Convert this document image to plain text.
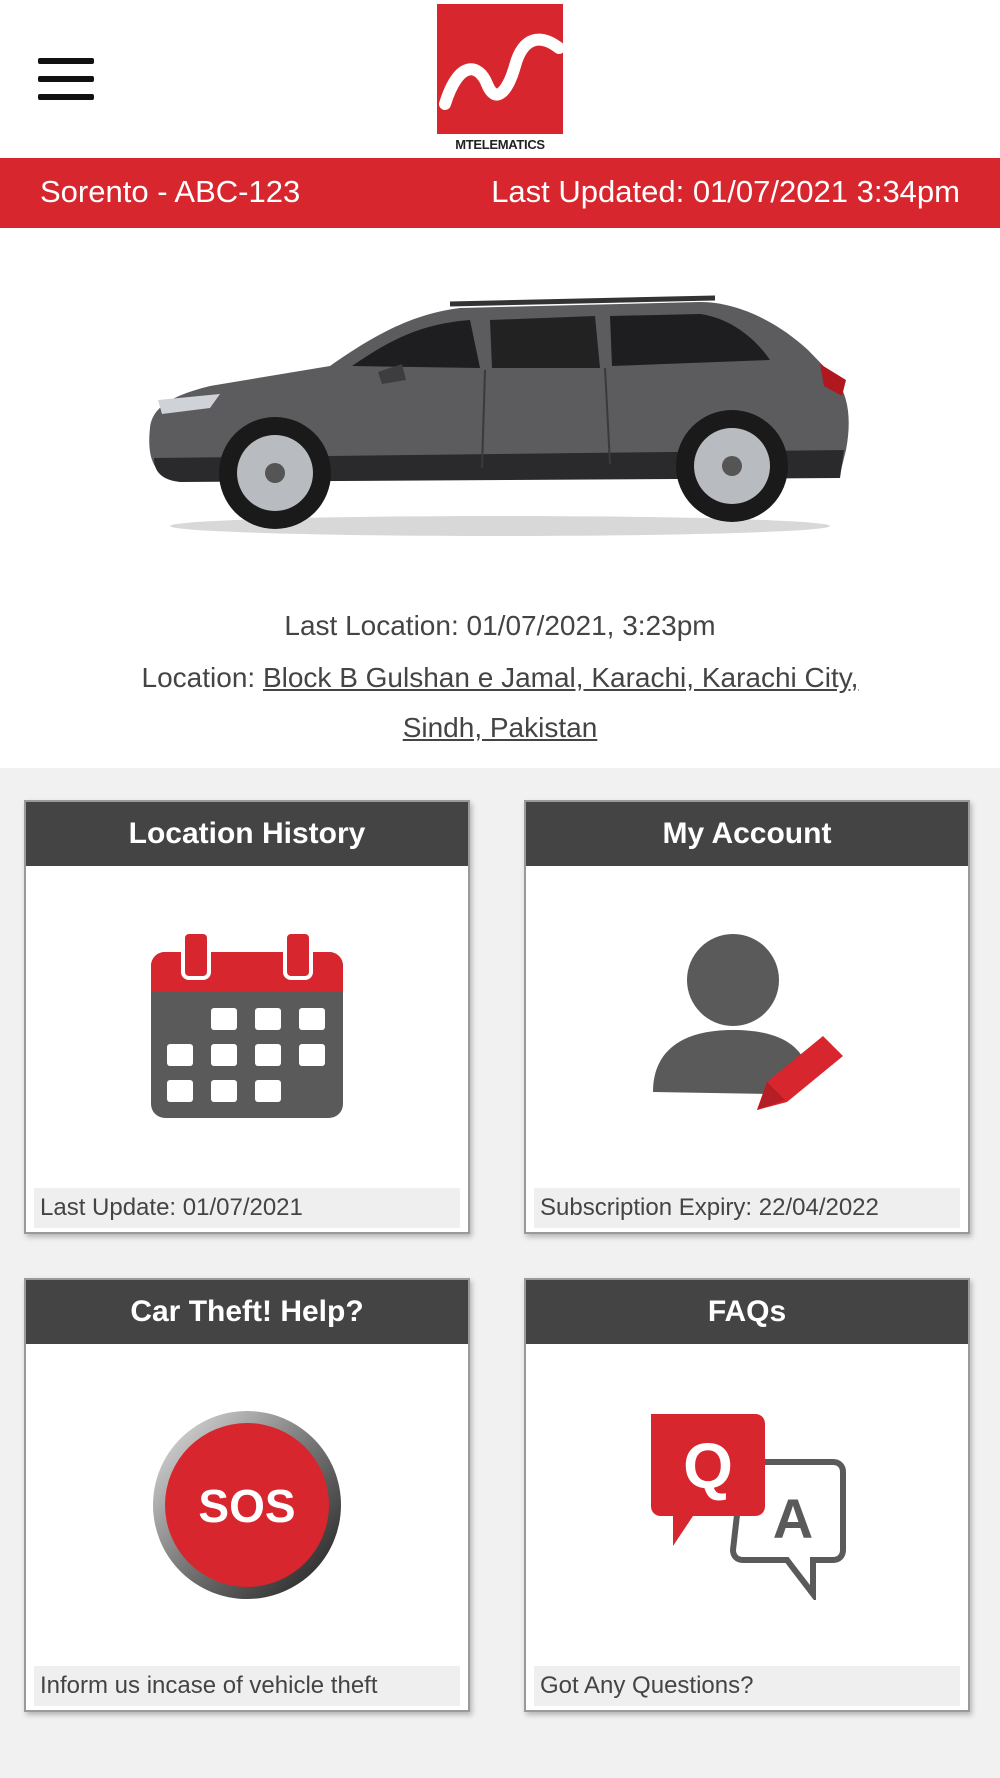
MTELEMATICS
Sorento - ABC-123	Last Updated: 01/07/2021 3:34pm
Last Location: 01/07/2021, 3:23pm
Location: Block B Gulshan e Jamal, Karachi, Karachi City,
Sindh, Pakistan
Location History
Last Update: 01/07/2021
My Account
Subscription Expiry: 22/04/2022
Car Theft! Help?
SOS
Inform us incase of vehicle theft
FAQs
A
Q
Got Any Questions?
